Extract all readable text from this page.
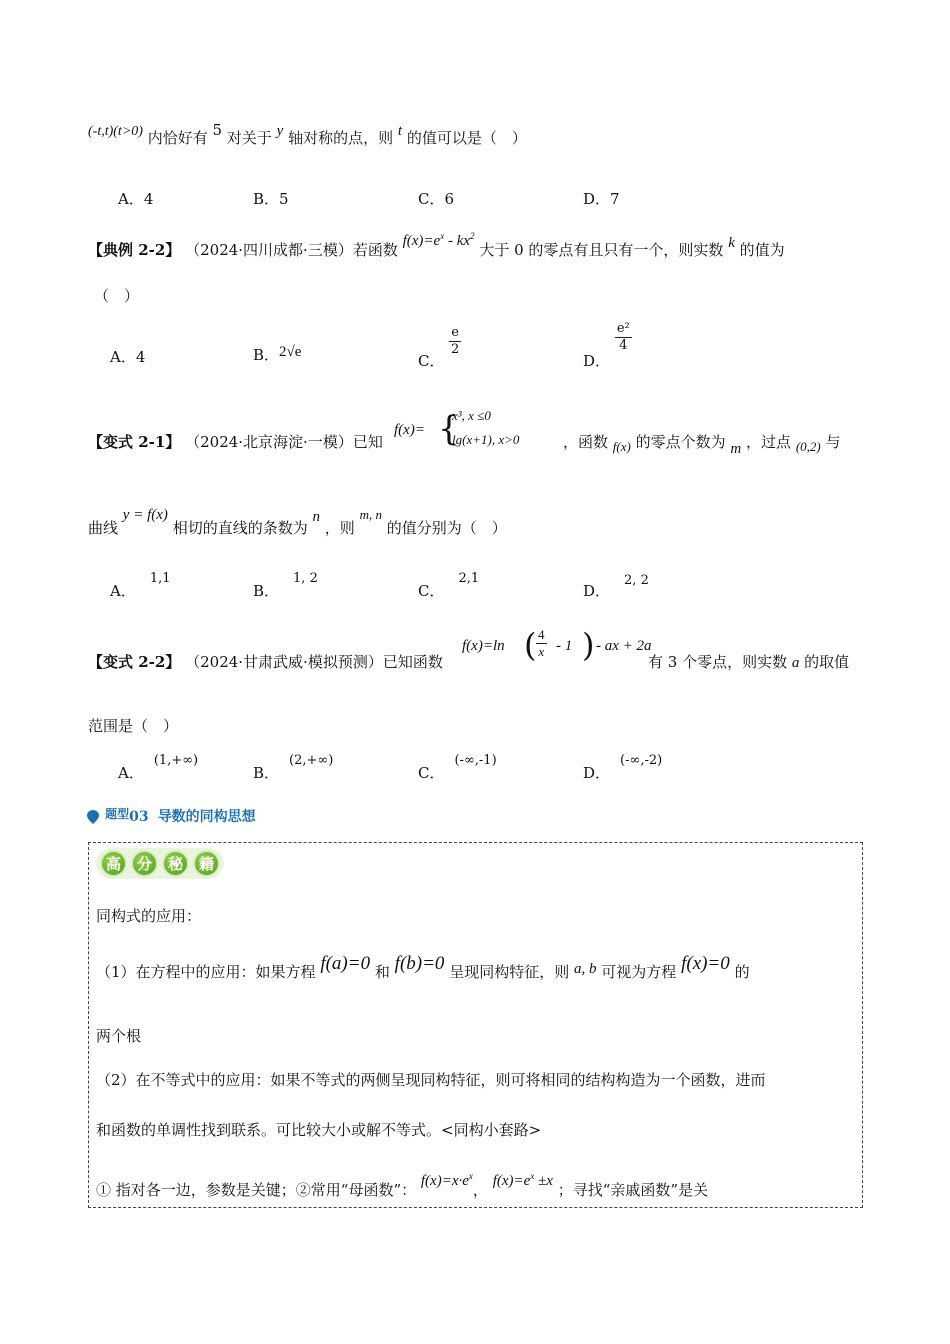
(-t,t)(t>0) 内恰好有 5 对关于 y 轴对称的点，则 t 的值可以是（　）
A．4	B．5	C．6	D．7
【典例 2-2】 （2024·四川成都·三模）若函数 $f(x)=e^x - kx^2$ 大于 0 的零点有且只有一个，则实数 k 的值为
（　）
A．4	B．2√e	C．
$\frac{e}{2}$
D．
$\frac{\text{e²}}{4}$
【变式 2-1】 （2024·北京海淀·一模）已知
f(x)= {
x³, x ≤0
lg(x+1), x>0	，函数 f(x) 的零点个数为 m ，过点 (0,2) 与
曲线 y = f(x) 相切的直线的条数为 n ，则 m, n 的值分别为（　）
A．1,1
B．1, 2
C．2,1
D．2, 2
【变式 2-2】 （2024·甘肃武威·模拟预测）已知函数
f(x)=ln ( $\frac{4}{x} - 1$ ) - ax + 2a
有 3 个零点，则实数 a 的取值
范围是（　）
A．(1,+∞)
B．(2,+∞)
C．(-∞,-1)
D．(-∞,-2)
题型03 导数的同构思想
高	分	秘	籍
同构式的应用：
（1）在方程中的应用：如果方程 f(a)=0 和 f(b)=0 呈现同构特征，则 a, b 可视为方程 f(x)=0 的
两个根
（2）在不等式中的应用：如果不等式的两侧呈现同构特征，则可将相同的结构构造为一个函数，进而
和函数的单调性找到联系。可比较大小或解不等式。<同构小套路>
① 指对各一边，参数是关键；②常用“母函数”： $f(x)=x\cdot e^x$， $f(x)=e^x \pm x$ ；寻找“亲戚函数”是关
